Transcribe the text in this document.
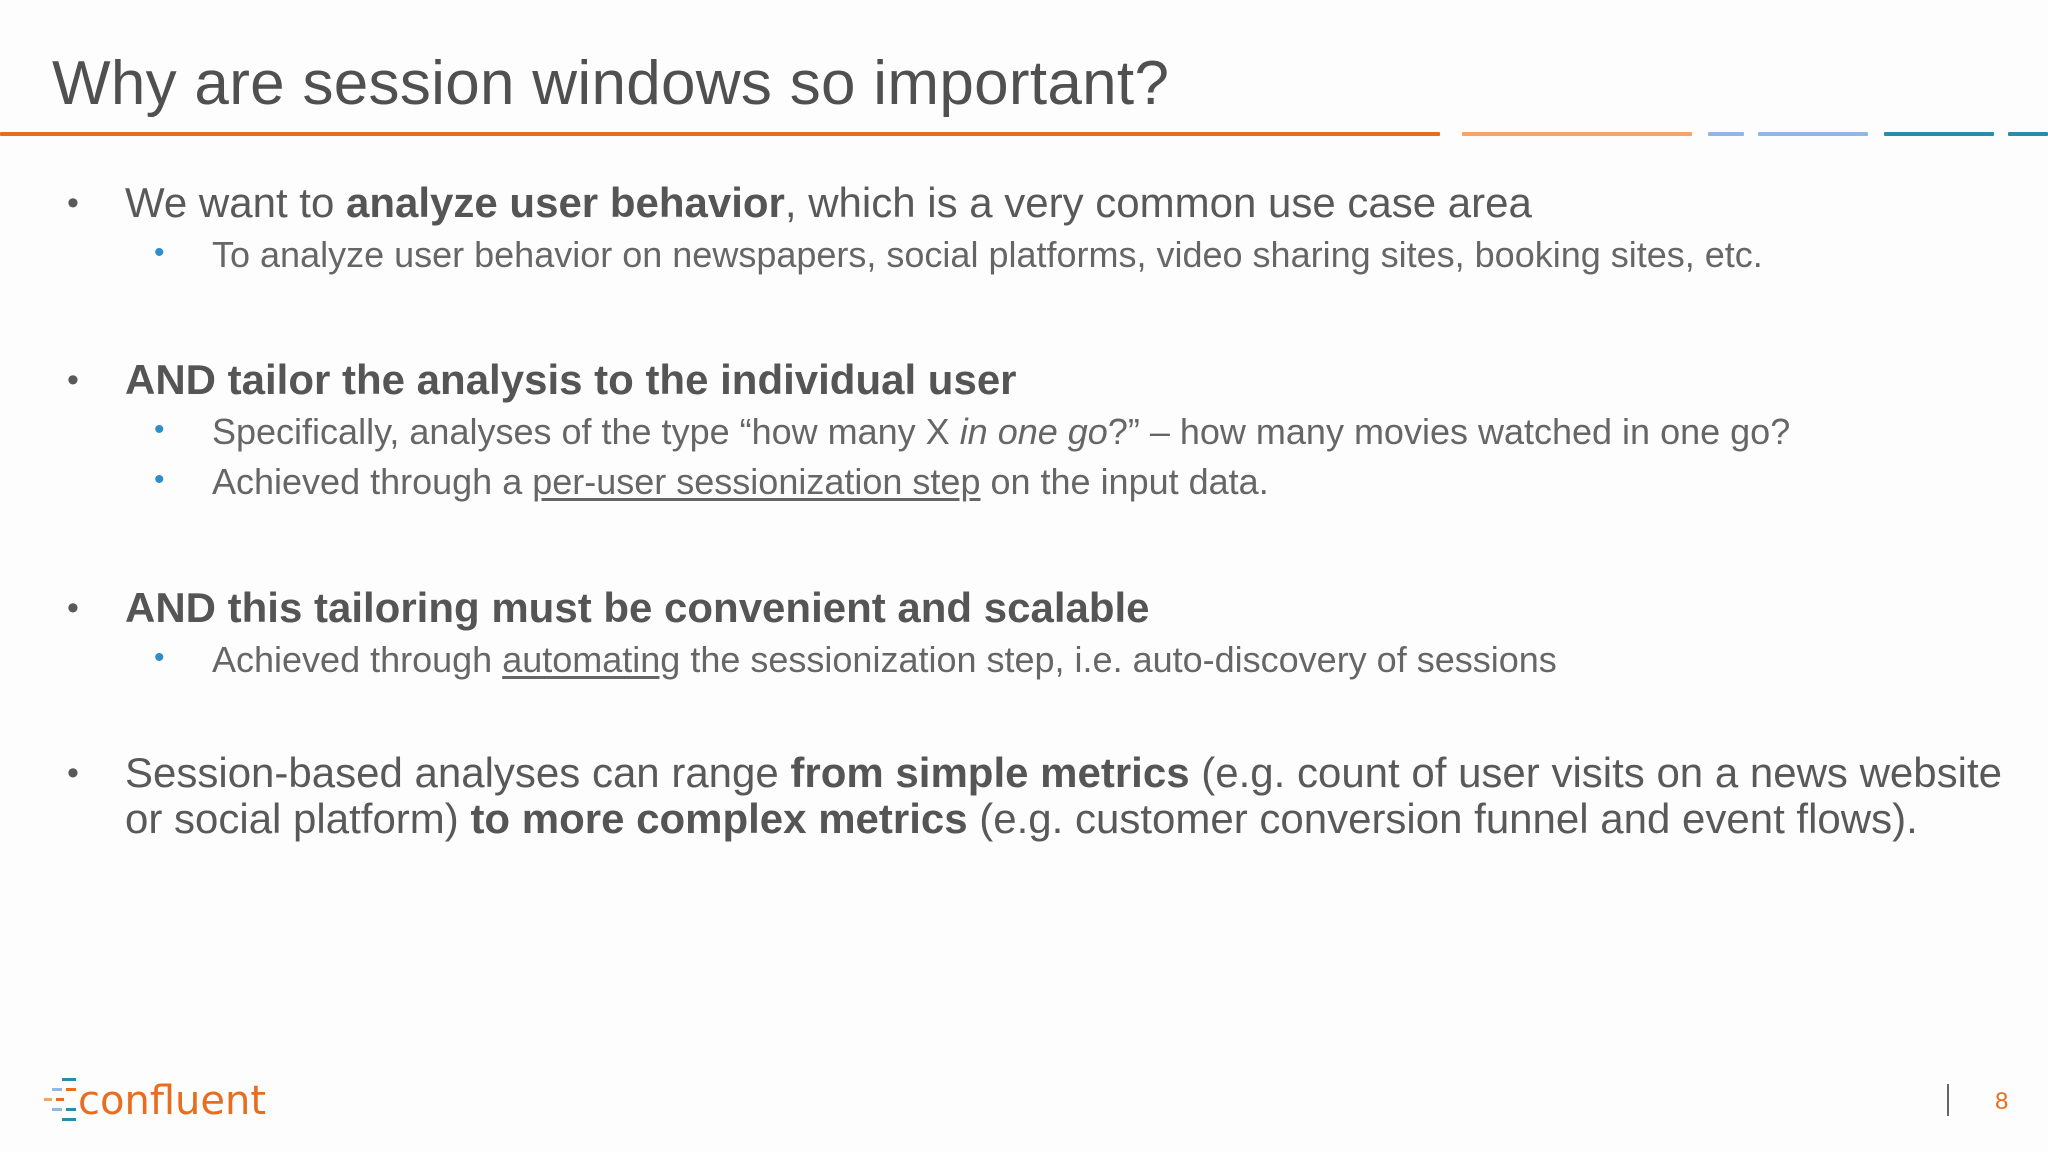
Why are session windows so important?
• We want to analyze user behavior, which is a very common use case area
• To analyze user behavior on newspapers, social platforms, video sharing sites, booking sites, etc.
• AND tailor the analysis to the individual user
• Specifically, analyses of the type “how many X in one go?” – how many movies watched in one go?
• Achieved through a per-user sessionization step on the input data.
• AND this tailoring must be convenient and scalable
• Achieved through automating the sessionization step, i.e. auto-discovery of sessions
• Session-based analyses can range from simple metrics (e.g. count of user visits on a news website or social platform) to more complex metrics (e.g. customer conversion funnel and event flows).
confluent	8
